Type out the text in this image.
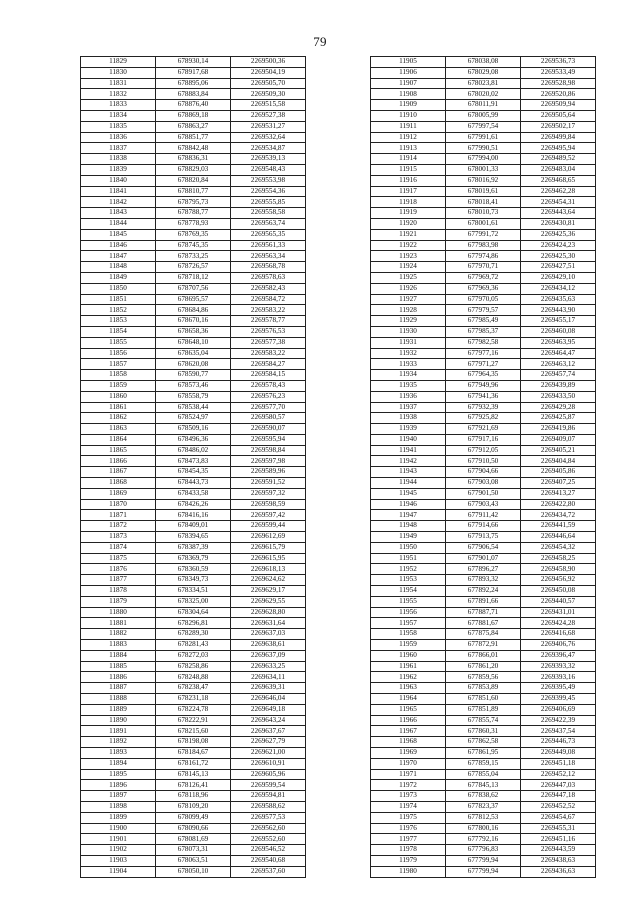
79
11829	678930,14	2269500,36
11830	678917,68	2269504,19
11831	678895,06	2269505,70
11832	678883,84	2269509,30
11833	678876,40	2269515,58
11834	678869,18	2269527,38
11835	678863,27	2269531,27
11836	678851,77	2269532,64
11837	678842,48	2269534,87
11838	678836,31	2269539,13
11839	678829,03	2269548,43
11840	678820,84	2269553,98
11841	678810,77	2269554,36
11842	678795,73	2269555,85
11843	678788,77	2269558,58
11844	678778,93	2269563,74
11845	678769,35	2269565,35
11846	678745,35	2269561,33
11847	678733,25	2269563,34
11848	678726,57	2269568,78
11849	678718,12	2269578,63
11850	678707,56	2269582,43
11851	678695,57	2269584,72
11852	678684,86	2269583,22
11853	678670,16	2269578,77
11854	678658,36	2269576,53
11855	678648,10	2269577,38
11856	678635,04	2269583,22
11857	678620,08	2269584,27
11858	678590,77	2269584,15
11859	678573,46	2269578,43
11860	678558,79	2269576,23
11861	678538,44	2269577,70
11862	678524,97	2269580,57
11863	678509,16	2269590,07
11864	678496,36	2269595,94
11865	678486,02	2269598,84
11866	678473,83	2269597,98
11867	678454,35	2269589,96
11868	678443,73	2269591,52
11869	678433,58	2269597,32
11870	678426,26	2269598,59
11871	678416,16	2269597,42
11872	678409,01	2269599,44
11873	678394,65	2269612,69
11874	678387,39	2269615,79
11875	678369,79	2269615,95
11876	678360,59	2269618,13
11877	678349,73	2269624,62
11878	678334,51	2269629,17
11879	678325,00	2269629,55
11880	678304,64	2269628,80
11881	678296,81	2269631,64
11882	678289,30	2269637,03
11883	678281,43	2269638,61
11884	678272,03	2269637,09
11885	678258,86	2269633,25
11886	678248,88	2269634,11
11887	678238,47	2269639,31
11888	678231,18	2269646,04
11889	678224,78	2269649,18
11890	678222,91	2269643,24
11891	678215,60	2269637,67
11892	678198,08	2269627,79
11893	678184,67	2269621,00
11894	678161,72	2269610,91
11895	678145,13	2269605,96
11896	678126,41	2269599,54
11897	678118,96	2269594,81
11898	678109,20	2269588,62
11899	678099,49	2269577,53
11900	678090,66	2269562,60
11901	678081,69	2269552,60
11902	678073,31	2269546,52
11903	678063,51	2269540,68
11904	678050,10	2269537,60
11905	678038,08	2269536,73
11906	678029,08	2269533,49
11907	678023,81	2269528,98
11908	678020,02	2269520,86
11909	678011,91	2269509,94
11910	678005,99	2269505,64
11911	677997,54	2269502,17
11912	677991,61	2269499,84
11913	677990,51	2269495,94
11914	677994,00	2269489,52
11915	678001,33	2269483,04
11916	678016,92	2269468,65
11917	678019,61	2269462,28
11918	678018,41	2269454,31
11919	678010,73	2269443,64
11920	678001,61	2269430,81
11921	677991,72	2269425,36
11922	677983,98	2269424,23
11923	677974,86	2269425,30
11924	677970,71	2269427,51
11925	677969,72	2269429,10
11926	677969,36	2269434,12
11927	677970,05	2269435,63
11928	677979,57	2269443,90
11929	677985,49	2269455,17
11930	677985,37	2269460,08
11931	677982,58	2269463,95
11932	677977,16	2269464,47
11933	677971,27	2269463,12
11934	677964,35	2269457,74
11935	677949,96	2269439,89
11936	677941,36	2269433,50
11937	677932,39	2269429,28
11938	677925,82	2269425,87
11939	677921,69	2269419,86
11940	677917,16	2269409,07
11941	677912,05	2269405,21
11942	677910,50	2269404,84
11943	677904,66	2269405,86
11944	677903,08	2269407,25
11945	677901,50	2269413,27
11946	677903,43	2269422,80
11947	677911,42	2269434,72
11948	677914,66	2269441,59
11949	677913,75	2269446,64
11950	677906,54	2269454,32
11951	677901,07	2269458,25
11952	677896,27	2269458,90
11953	677893,32	2269456,92
11954	677892,24	2269450,08
11955	677891,66	2269440,57
11956	677887,71	2269431,01
11957	677881,67	2269424,28
11958	677875,84	2269416,68
11959	677872,91	2269406,76
11960	677866,01	2269396,47
11961	677861,20	2269393,32
11962	677859,56	2269393,16
11963	677853,89	2269395,49
11964	677851,60	2269399,45
11965	677851,89	2269406,69
11966	677855,74	2269422,39
11967	677860,31	2269437,54
11968	677862,58	2269446,73
11969	677861,95	2269449,08
11970	677859,15	2269451,18
11971	677855,04	2269452,12
11972	677845,13	2269447,03
11973	677838,62	2269447,18
11974	677823,37	2269452,52
11975	677812,53	2269454,67
11976	677800,16	2269455,31
11977	677792,16	2269451,16
11978	677796,83	2269443,59
11979	677799,94	2269438,63
11980	677799,94	2269436,63
